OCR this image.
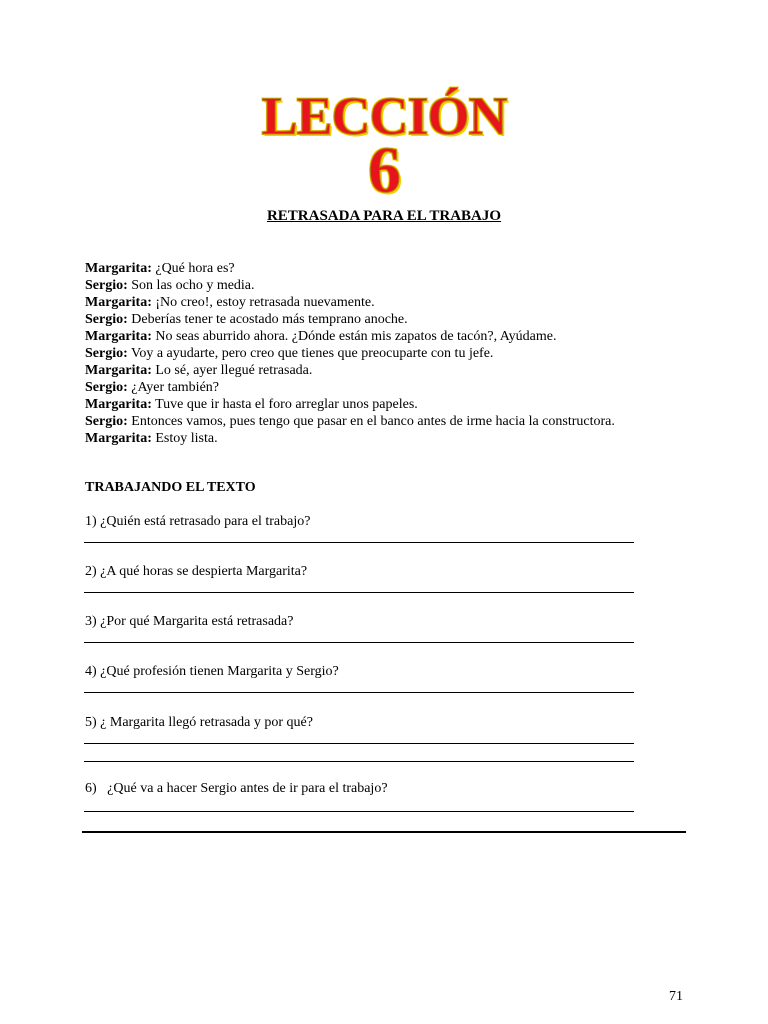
LECCIÓN
6
RETRASADA PARA EL TRABAJO
Margarita: ¿Qué hora es?
Sergio: Son las ocho y media.
Margarita: ¡No creo!, estoy retrasada nuevamente.
Sergio: Deberías tener te acostado más temprano anoche.
Margarita: No seas aburrido ahora. ¿Dónde están mis zapatos de tacón?, Ayúdame.
Sergio: Voy a ayudarte, pero creo que tienes que preocuparte con tu jefe.
Margarita: Lo sé, ayer llegué retrasada.
Sergio: ¿Ayer también?
Margarita: Tuve que ir hasta el foro arreglar unos papeles.
Sergio: Entonces vamos, pues tengo que pasar en el banco antes de irme hacia la constructora.
Margarita: Estoy lista.
TRABAJANDO EL TEXTO
1) ¿Quién está retrasado para el trabajo?
2) ¿A qué horas se despierta Margarita?
3) ¿Por qué Margarita está retrasada?
4) ¿Qué profesión tienen Margarita y Sergio?
5) ¿ Margarita llegó retrasada y por qué?
6)   ¿Qué va a hacer Sergio antes de ir para el trabajo?
71
